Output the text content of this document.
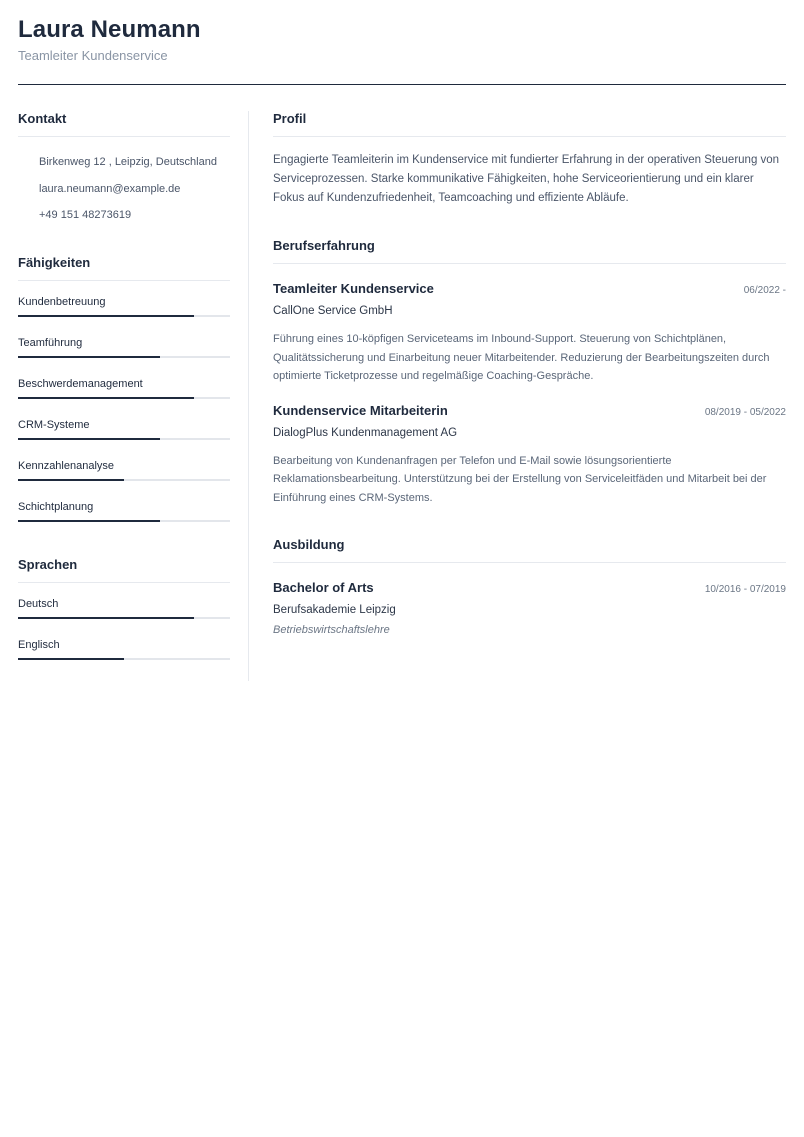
Laura Neumann
Teamleiter Kundenservice
Kontakt
Birkenweg 12 , Leipzig, Deutschland
laura.neumann@example.de
+49 151 48273619
Fähigkeiten
Kundenbetreuung
Teamführung
Beschwerdemanagement
CRM-Systeme
Kennzahlenanalyse
Schichtplanung
Sprachen
Deutsch
Englisch
Profil
Engagierte Teamleiterin im Kundenservice mit fundierter Erfahrung in der operativen Steuerung von Serviceprozessen. Starke kommunikative Fähigkeiten, hohe Serviceorientierung und ein klarer Fokus auf Kundenzufriedenheit, Teamcoaching und effiziente Abläufe.
Berufserfahrung
Teamleiter Kundenservice	06/2022 -
CallOne Service GmbH
Führung eines 10-köpfigen Serviceteams im Inbound-Support. Steuerung von Schichtplänen, Qualitätssicherung und Einarbeitung neuer Mitarbeitender. Reduzierung der Bearbeitungszeiten durch optimierte Ticketprozesse und regelmäßige Coaching-Gespräche.
Kundenservice Mitarbeiterin	08/2019 - 05/2022
DialogPlus Kundenmanagement AG
Bearbeitung von Kundenanfragen per Telefon und E-Mail sowie lösungsorientierte Reklamationsbearbeitung. Unterstützung bei der Erstellung von Serviceleitfäden und Mitarbeit bei der Einführung eines CRM-Systems.
Ausbildung
Bachelor of Arts	10/2016 - 07/2019
Berufsakademie Leipzig
Betriebswirtschaftslehre
